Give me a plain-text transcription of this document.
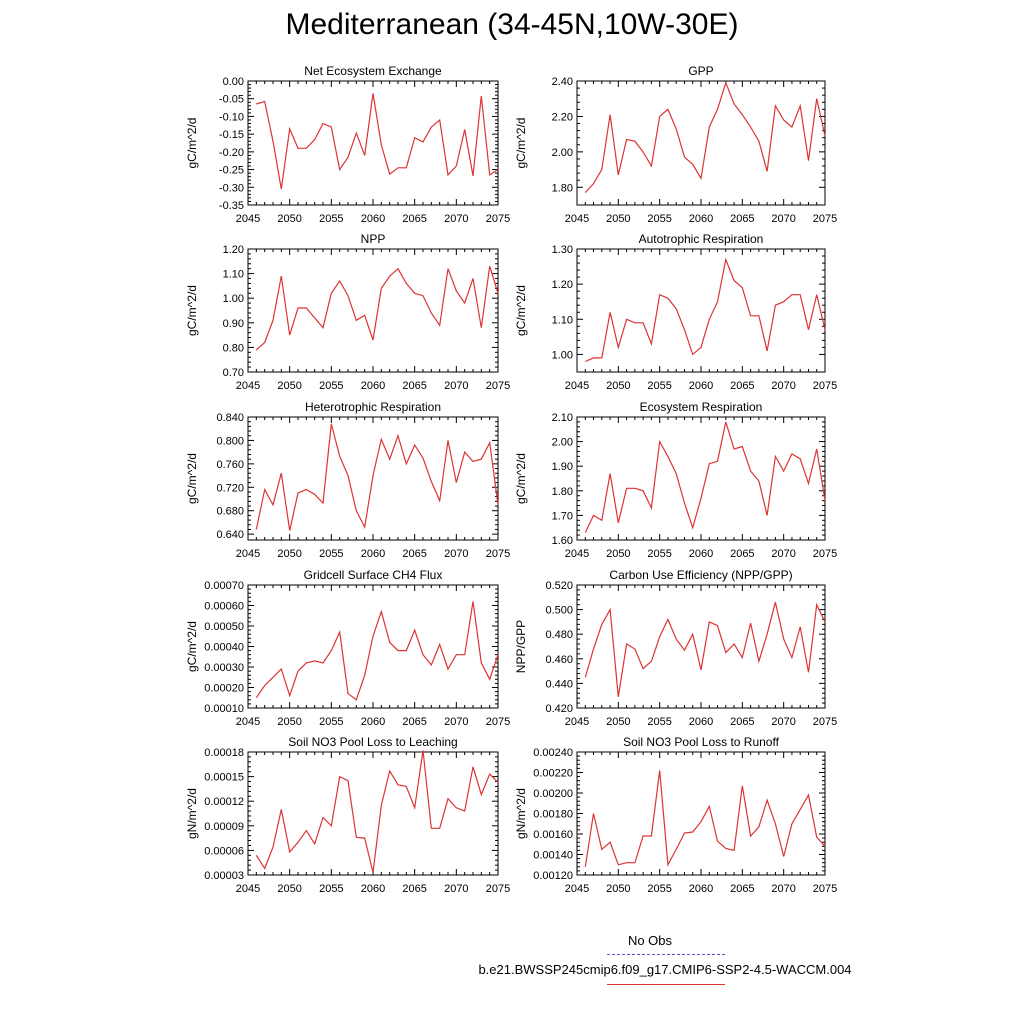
Mediterranean (34-45N,10W-30E)
Net Ecosystem Exchange
2045 2050 2055 2060 2065 2070 2075
0.00
-0.05
-0.10
-0.15
-0.20
-0.25
-0.30
-0.35
gC/m^2/d
GPP
2045 2050 2055 2060 2065 2070 2075
2.40
2.20
2.00
1.80
gC/m^2/d
NPP
2045 2050 2055 2060 2065 2070 2075
1.20
1.10
1.00
0.90
0.80
0.70
gC/m^2/d
Autotrophic Respiration
2045 2050 2055 2060 2065 2070 2075
1.30
1.20
1.10
1.00
gC/m^2/d
Heterotrophic Respiration
2045 2050 2055 2060 2065 2070 2075
0.840
0.800
0.760
0.720
0.680
0.640
gC/m^2/d
Ecosystem Respiration
2045 2050 2055 2060 2065 2070 2075
2.10
2.00
1.90
1.80
1.70
1.60
gC/m^2/d
Gridcell Surface CH4 Flux
2045 2050 2055 2060 2065 2070 2075
0.00070
0.00060
0.00050
0.00040
0.00030
0.00020
0.00010
gC/m^2/d
Carbon Use Efficiency (NPP/GPP)
2045 2050 2055 2060 2065 2070 2075
0.520
0.500
0.480
0.460
0.440
0.420
NPP/GPP
Soil NO3 Pool Loss to Leaching
2045 2050 2055 2060 2065 2070 2075
0.00018
0.00015
0.00012
0.00009
0.00006
0.00003
gN/m^2/d
Soil NO3 Pool Loss to Runoff
2045 2050 2055 2060 2065 2070 2075
0.00240
0.00220
0.00200
0.00180
0.00160
0.00140
0.00120
gN/m^2/d
No Obs
b.e21.BWSSP245cmip6.f09_g17.CMIP6-SSP2-4.5-WACCM.004
